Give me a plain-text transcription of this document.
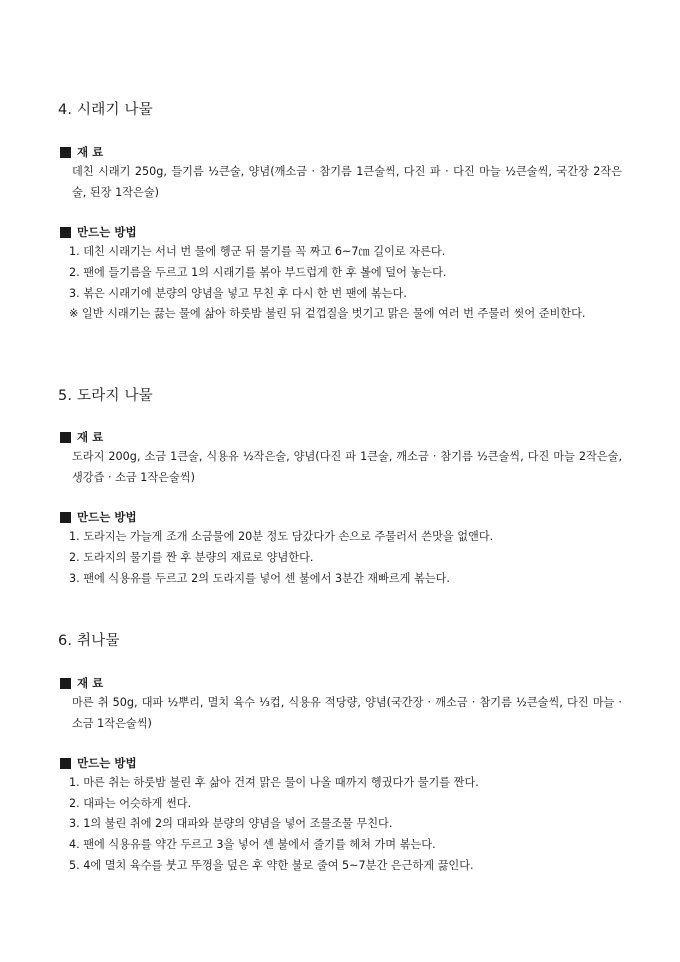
4. 시래기 나물
재 료

데친 시래기 250g, 들기름 ½큰술, 양념(깨소금 · 참기름 1큰술씩, 다진 파 · 다진 마늘 ½큰술씩, 국간장 2작은술, 된장 1작은술)

만드는 방법

1. 데친 시래기는 서너 번 물에 헹군 뒤 물기를 꼭 짜고 6~7㎝ 길이로 자른다.

2. 팬에 들기름을 두르고 1의 시래기를 볶아 부드럽게 한 후 볼에 덜어 놓는다.

3. 볶은 시래기에 분량의 양념을 넣고 무친 후 다시 한 번 팬에 볶는다.

※ 일반 시래기는 끓는 물에 삶아 하룻밤 불린 뒤 겉껍질을 벗기고 맑은 물에 여러 번 주물러 씻어 준비한다.

5. 도라지 나물
재 료

도라지 200g, 소금 1큰술, 식용유 ½작은술, 양념(다진 파 1큰술, 깨소금 · 참기름 ½큰술씩, 다진 마늘 2작은술, 생강즙 · 소금 1작은술씩)

만드는 방법

1. 도라지는 가늘게 조개 소금물에 20분 정도 담갔다가 손으로 주물러서 쓴맛을 없앤다.

2. 도라지의 물기를 짠 후 분량의 재료로 양념한다.

3. 팬에 식용유를 두르고 2의 도라지를 넣어 센 불에서 3분간 재빠르게 볶는다.

6. 취나물
재 료

마른 취 50g, 대파 ½뿌리, 멸치 육수 ⅓컵, 식용유 적당량, 양념(국간장 · 깨소금 · 참기름 ½큰술씩, 다진 마늘 · 소금 1작은술씩)

만드는 방법

1. 마른 취는 하룻밤 불린 후 삶아 건져 맑은 물이 나올 때까지 헹궜다가 물기를 짠다.

2. 대파는 어슷하게 썬다.

3. 1의 불린 취에 2의 대파와 분량의 양념을 넣어 조물조물 무친다.

4. 팬에 식용유를 약간 두르고 3을 넣어 센 불에서 줄기를 헤쳐 가며 볶는다.

5. 4에 멸치 육수를 붓고 뚜껑을 덮은 후 약한 불로 줄여 5~7분간 은근하게 끓인다.
